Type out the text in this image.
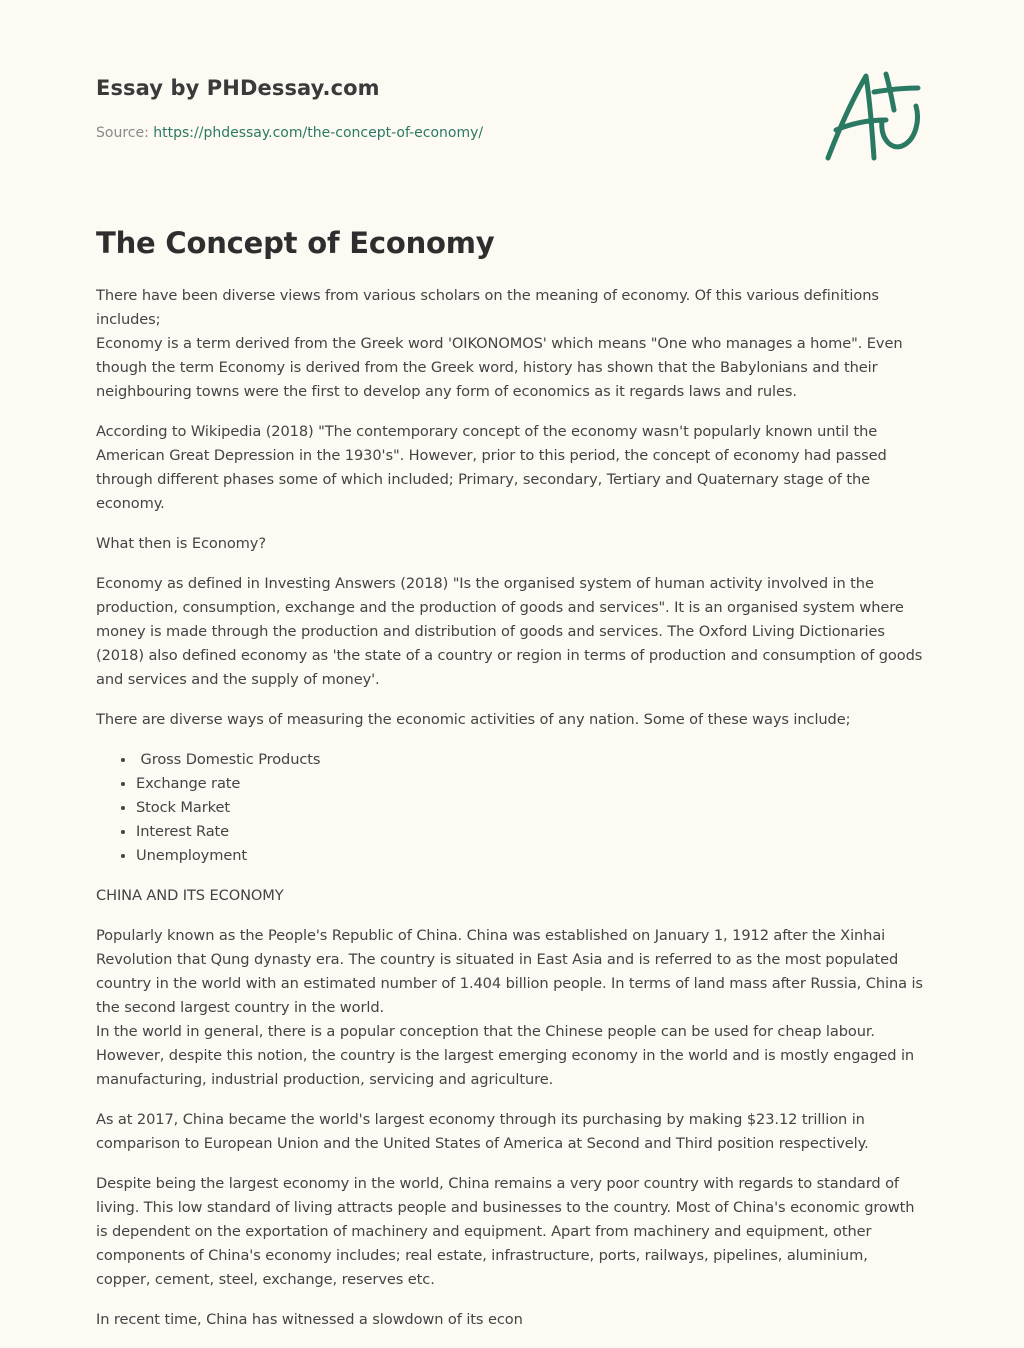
Essay by PHDessay.com
Source: https://phdessay.com/the-concept-of-economy/
The Concept of Economy

There have been diverse views from various scholars on the meaning of economy. Of this various definitions includes;
Economy is a term derived from the Greek word 'OIKONOMOS' which means "One who manages a home". Even though the term Economy is derived from the Greek word, history has shown that the Babylonians and their neighbouring towns were the first to develop any form of economics as it regards laws and rules.

According to Wikipedia (2018) "The contemporary concept of the economy wasn't popularly known until the American Great Depression in the 1930's". However, prior to this period, the concept of economy had passed through different phases some of which included; Primary, secondary, Tertiary and Quaternary stage of the economy.

What then is Economy?

Economy as defined in Investing Answers (2018) "Is the organised system of human activity involved in the production, consumption, exchange and the production of goods and services". It is an organised system where money is made through the production and distribution of goods and services. The Oxford Living Dictionaries (2018) also defined economy as 'the state of a country or region in terms of production and consumption of goods and services and the supply of money'.

There are diverse ways of measuring the economic activities of any nation. Some of these ways include;

•  Gross Domestic Products
• Exchange rate
• Stock Market
• Interest Rate
• Unemployment

CHINA AND ITS ECONOMY

Popularly known as the People's Republic of China. China was established on January 1, 1912 after the Xinhai Revolution that Qung dynasty era. The country is situated in East Asia and is referred to as the most populated country in the world with an estimated number of 1.404 billion people. In terms of land mass after Russia, China is the second largest country in the world.
In the world in general, there is a popular conception that the Chinese people can be used for cheap labour. However, despite this notion, the country is the largest emerging economy in the world and is mostly engaged in manufacturing, industrial production, servicing and agriculture.

As at 2017, China became the world's largest economy through its purchasing by making $23.12 trillion in comparison to European Union and the United States of America at Second and Third position respectively.

Despite being the largest economy in the world, China remains a very poor country with regards to standard of living. This low standard of living attracts people and businesses to the country. Most of China's economic growth is dependent on the exportation of machinery and equipment. Apart from machinery and equipment, other components of China's economy includes; real estate, infrastructure, ports, railways, pipelines, aluminium, copper, cement, steel, exchange, reserves etc.

In recent time, China has witnessed a slowdown of its econ
